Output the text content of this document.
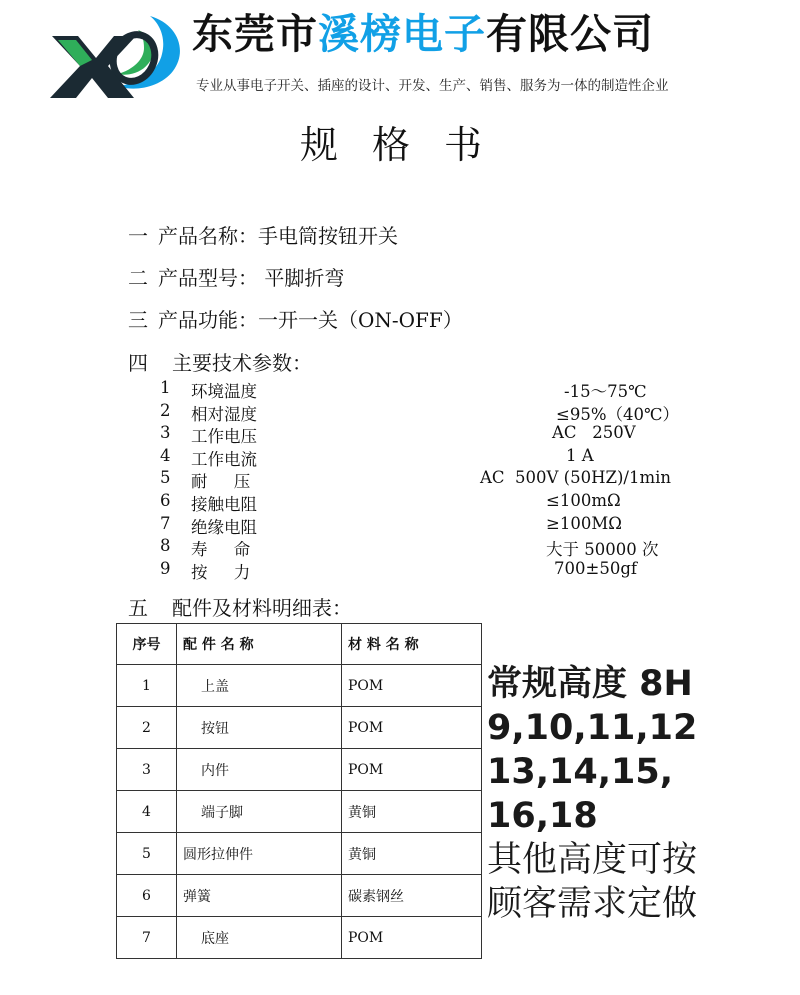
东莞市溪榜电子有限公司
专业从事电子开关、插座的设计、开发、生产、销售、服务为一体的制造性企业
规 格 书
一 产品名称：手电筒按钮开关
二 产品型号： 平脚折弯
三 产品功能：一开一关（ON-OFF）
四 主要技术参数：
1	环境温度	-15～75℃
2	相对湿度	≤95%（40℃）
3	工作电压	AC   250V
4	工作电流	1 A
5	耐     压	AC  500V (50HZ)/1min
6	接触电阻	≤100mΩ
7	绝缘电阻	≥100MΩ
8	寿     命	大于 50000 次
9	按     力	700±50gf
五 配件及材料明细表：
序号	配 件 名 称	材 料 名 称
1	上盖	POM
2	按钮	POM
3	内件	POM
4	端子脚	黄铜
5	圆形拉伸件	黄铜
6	弹簧	碳素钢丝
7	底座	POM
常规高度 8H
9,10,11,12
13,14,15,
16,18
其他高度可按
顾客需求定做
